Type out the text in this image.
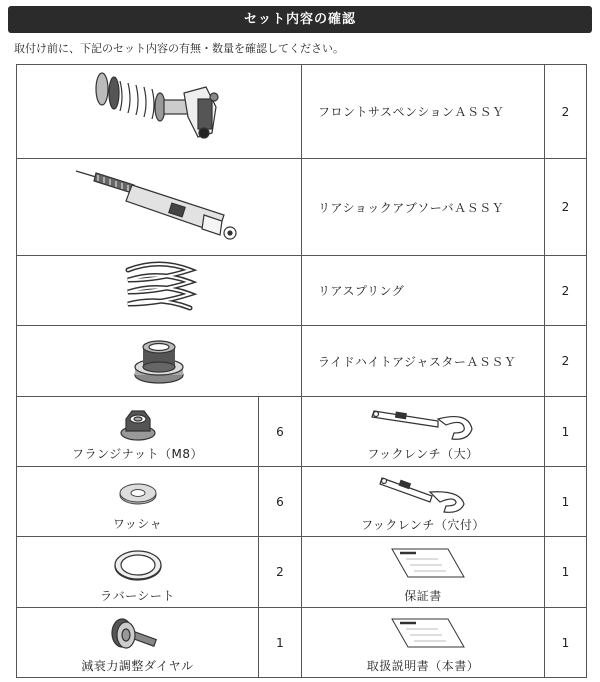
セット内容の確認
取付け前に、下記のセット内容の有無・数量を確認してください。
	フロントサスペンションＡＳＳＹ	2
	リアショックアブソーバＡＳＳＹ	2
	リアスプリング	2
	ライドハイトアジャスターＡＳＳＹ	2

フランジナット（M8）	6	フックレンチ（大）	1

ワッシャ	6	フックレンチ（穴付）	1

ラバーシート	2	保証書	1

減衰力調整ダイヤル	1	取扱説明書（本書）	1
